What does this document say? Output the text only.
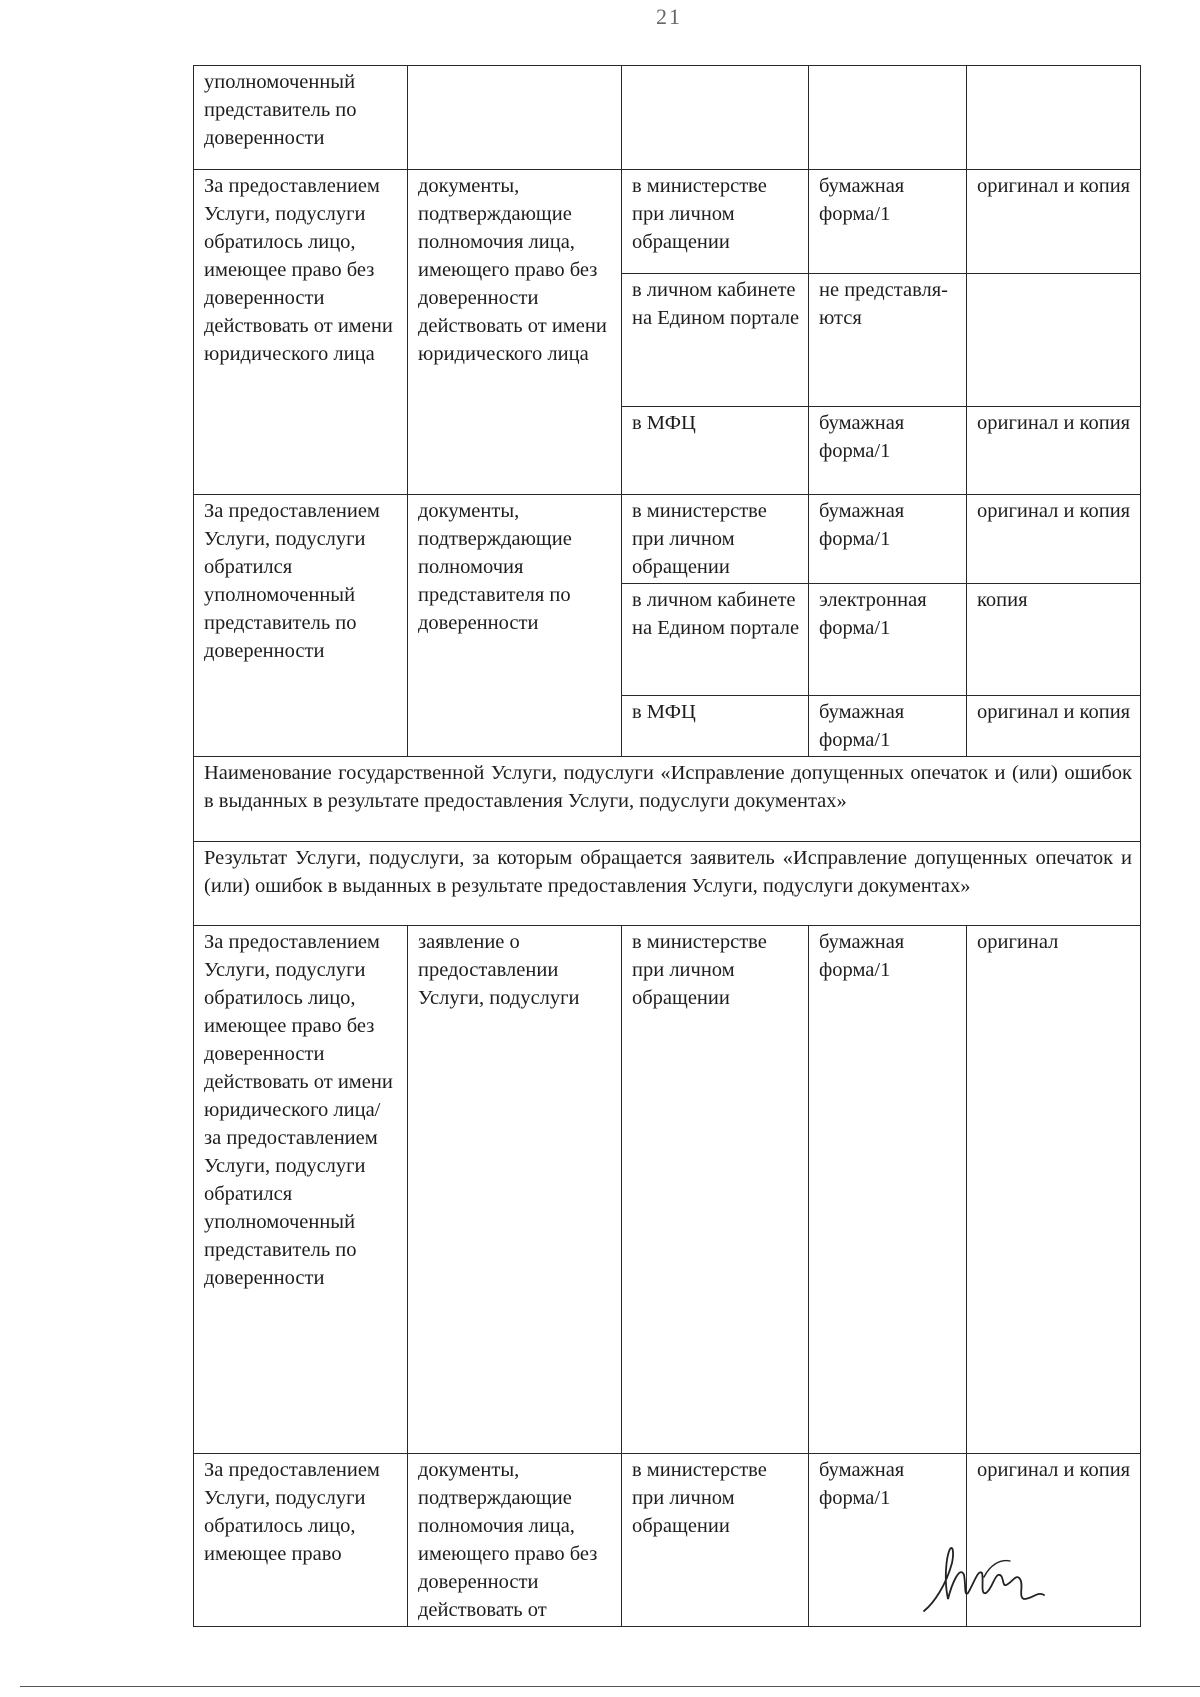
21
уполномоченный представитель по доверенности				
За предоставлением Услуги, подуслуги обратилось лицо, имеющее право без доверенности действовать от имени юридического лица	документы, подтверждающие полномочия лица, имеющего право без доверенности действовать от имени юридического лица	в министерстве при личном обращении	бумажная форма/1	оригинал и копия
		в личном кабинете на Едином портале	не представля-ются	
		в МФЦ	бумажная форма/1	оригинал и копия
За предоставлением Услуги, подуслуги обратился уполномоченный представитель по доверенности	документы, подтверждающие полномочия представителя по доверенности	в министерстве при личном обращении	бумажная форма/1	оригинал и копия
		в личном кабинете на Едином портале	электронная форма/1	копия
		в МФЦ	бумажная форма/1	оригинал и копия
Наименование государственной Услуги, подуслуги «Исправление допущенных опечаток и (или) ошибок в выданных в результате предоставления Услуги, подуслуги документах»				
Результат Услуги, подуслуги, за которым обращается заявитель «Исправление допущенных опечаток и (или) ошибок в выданных в результате предоставления Услуги, подуслуги документах»				
За предоставлением Услуги, подуслуги обратилось лицо, имеющее право без доверенности действовать от имени юридического лица/ за предоставлением Услуги, подуслуги обратился уполномоченный представитель по доверенности	заявление о предоставлении Услуги, подуслуги	в министерстве при личном обращении	бумажная форма/1	оригинал
За предоставлением Услуги, подуслуги обратилось лицо, имеющее право	документы, подтверждающие полномочия лица, имеющего право без доверенности действовать от	в министерстве при личном обращении	бумажная форма/1	оригинал и копия
